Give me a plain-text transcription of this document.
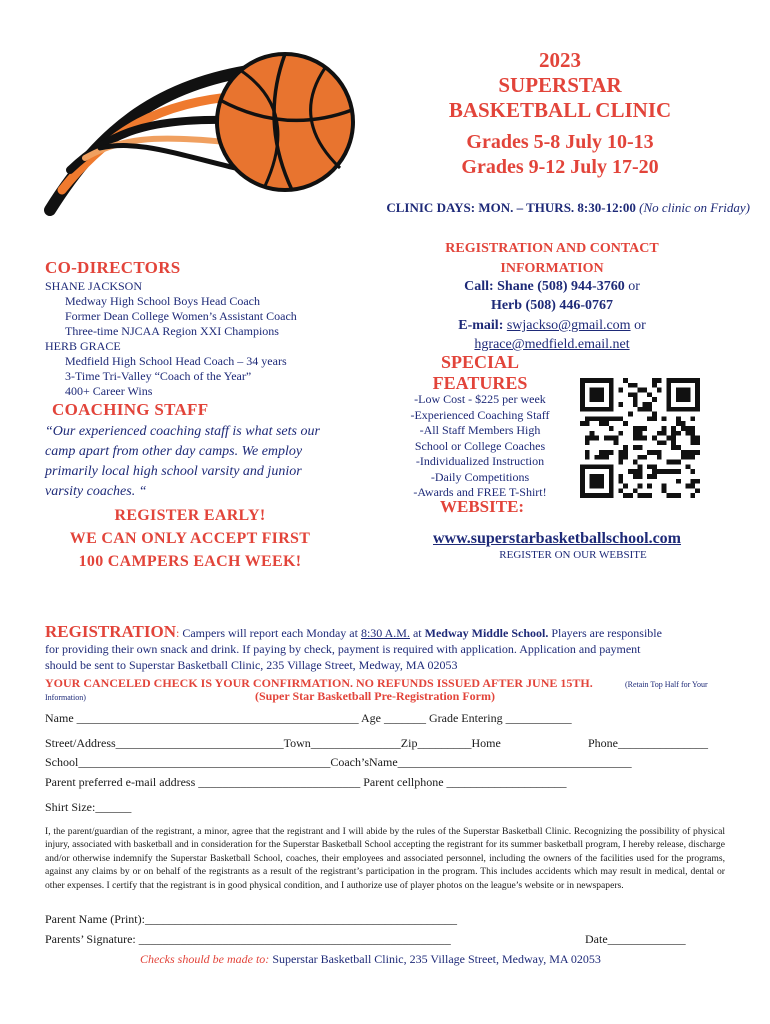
2023
SUPERSTAR
BASKETBALL CLINIC
Grades 5-8 July 10-13
Grades 9-12 July 17-20
CLINIC DAYS: MON. – THURS. 8:30-12:00 (No clinic on Friday)
CO-DIRECTORS
SHANE JACKSON
Medway High School Boys Head Coach
Former Dean College Women’s Assistant Coach
Three-time NJCAA Region XXI Champions
HERB GRACE
Medfield High School Head Coach – 34 years
3-Time Tri-Valley “Coach of the Year”
400+ Career Wins
COACHING STAFF
“Our experienced coaching staff is what sets our camp apart from other day camps. We employ primarily local high school varsity and junior varsity coaches. “
REGISTER EARLY!
WE CAN ONLY ACCEPT FIRST
100 CAMPERS EACH WEEK!
REGISTRATION AND CONTACT
INFORMATION
Call: Shane (508) 944-3760 or
Herb (508) 446-0767
E-mail: swjackso@gmail.com or
hgrace@medfield.email.net
SPECIAL
FEATURES
-Low Cost - $225 per week
-Experienced Coaching Staff
-All Staff Members High
School or College Coaches
-Individualized Instruction
-Daily Competitions
-Awards and FREE T-Shirt!
WEBSITE:
www.superstarbasketballschool.com
REGISTER ON OUR WEBSITE
REGISTRATION: Campers will report each Monday at 8:30 A.M. at Medway Middle School. Players are responsible
for providing their own snack and drink. If paying by check, payment is required with application. Application and payment
should be sent to Superstar Basketball Clinic, 235 Village Street, Medway, MA 02053
YOUR CANCELED CHECK IS YOUR CONFIRMATION. NO REFUNDS ISSUED AFTER JUNE 15TH.	(Retain Top Half for Your
Information)	(Super Star Basketball Pre-Registration Form)
Name _______________________________________________ Age _______ Grade Entering ___________
Street/Address____________________________Town_______________Zip_________Home	Phone_______________
School__________________________________________Coach’sName_______________________________________
Parent preferred e-mail address ___________________________ Parent cellphone ____________________
Shirt Size:______
I, the parent/guardian of the registrant, a minor, agree that the registrant and I will abide by the rules of the Superstar Basketball Clinic. Recognizing the possibility of physical injury, associated with basketball and in consideration for the Superstar Basketball School accepting the registrant for its summer basketball program, I hereby release, discharge and/or otherwise indemnify the Superstar Basketball School, coaches, their employees and associated personnel, including the owners of the facilities used for the programs, against any claims by or on behalf of the registrants as a result of the registrant’s participation in the program. This includes accidents which may result in medical, dental or other expenses. I certify that the registrant is in good physical condition, and I authorize use of player photos on the league’s website or in newspapers.
Parent Name (Print):____________________________________________________
Parents’ Signature: ____________________________________________________	Date_____________
Checks should be made to: Superstar Basketball Clinic, 235 Village Street, Medway, MA 02053
